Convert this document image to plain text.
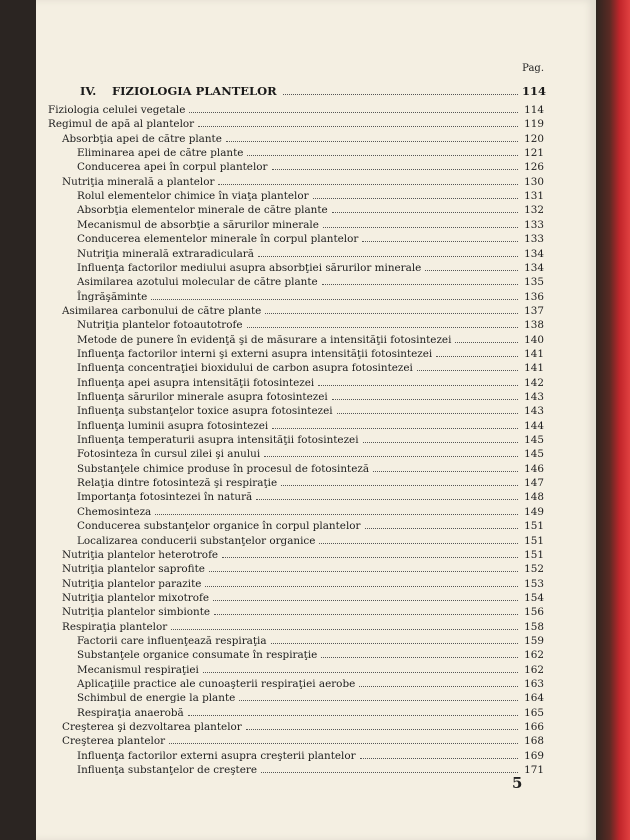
Pag.
IV.	FIZIOLOGIA PLANTELOR	114
Fiziologia celulei vegetale	114
Regimul de apă al plantelor	119
Absorbţia apei de către plante	120
Eliminarea apei de către plante	121
Conducerea apei în corpul plantelor	126
Nutriţia minerală a plantelor	130
Rolul elementelor chimice în viaţa plantelor	131
Absorbţia elementelor minerale de către plante	132
Mecanismul de absorbţie a sărurilor minerale	133
Conducerea elementelor minerale în corpul plantelor	133
Nutriţia minerală extraradiculară	134
Influenţa factorilor mediului asupra absorbţiei sărurilor minerale	134
Asimilarea azotului molecular de către plante	135
Îngrăşăminte	136
Asimilarea carbonului de către plante	137
Nutriţia plantelor fotoautotrofe	138
Metode de punere în evidenţă şi de măsurare a intensităţii fotosintezei	140
Influenţa factorilor interni şi externi asupra intensităţii fotosintezei	141
Influenţa concentraţiei bioxidului de carbon asupra fotosintezei	141
Influenţa apei asupra intensităţii fotosintezei	142
Influenţa sărurilor minerale asupra fotosintezei	143
Influenţa substanţelor toxice asupra fotosintezei	143
Influenţa luminii asupra fotosintezei	144
Influenţa temperaturii asupra intensităţii fotosintezei	145
Fotosinteza în cursul zilei şi anului	145
Substanţele chimice produse în procesul de fotosinteză	146
Relaţia dintre fotosinteză şi respiraţie	147
Importanţa fotosintezei în natură	148
Chemosinteza	149
Conducerea substanţelor organice în corpul plantelor	151
Localizarea conducerii substanţelor organice	151
Nutriţia plantelor heterotrofe	151
Nutriţia plantelor saprofite	152
Nutriţia plantelor parazite	153
Nutriţia plantelor mixotrofe	154
Nutriţia plantelor simbionte	156
Respiraţia plantelor	158
Factorii care influenţează respiraţia	159
Substanţele organice consumate în respiraţie	162
Mecanismul respiraţiei	162
Aplicaţiile practice ale cunoaşterii respiraţiei aerobe	163
Schimbul de energie la plante	164
Respiraţia anaerobă	165
Creşterea şi dezvoltarea plantelor	166
Creşterea plantelor	168
Influenţa factorilor externi asupra creşterii plantelor	169
Influenţa substanţelor de creştere	171
5
